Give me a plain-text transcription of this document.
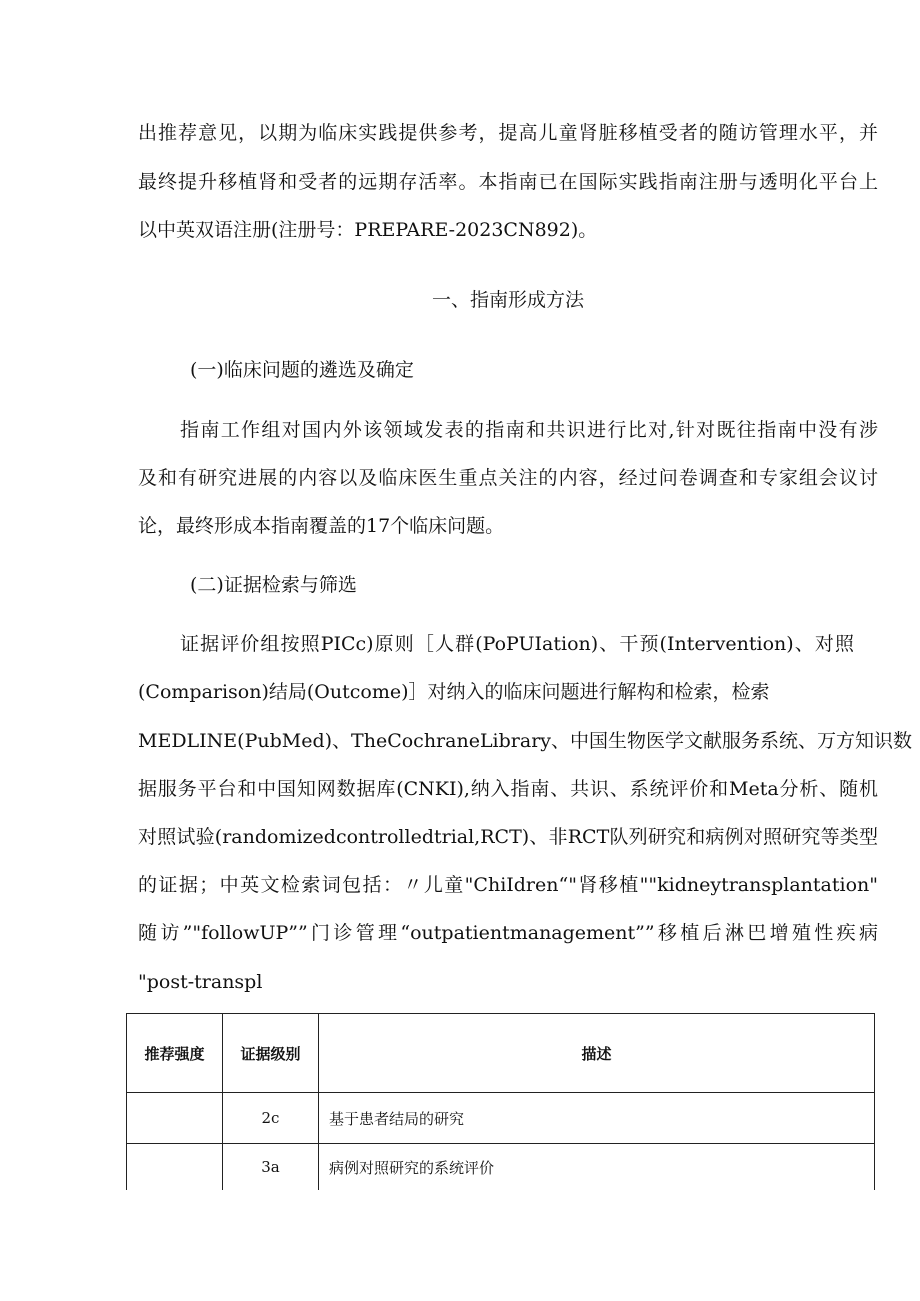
出推荐意见，以期为临床实践提供参考，提高儿童肾脏移植受者的随访管理水平，并
最终提升移植肾和受者的远期存活率。本指南已在国际实践指南注册与透明化平台上
以中英双语注册(注册号：PREPARE-2023CN892)。
一、指南形成方法
(一)临床问题的遴选及确定
指南工作组对国内外该领域发表的指南和共识进行比对,针对既往指南中没有涉
及和有研究进展的内容以及临床医生重点关注的内容，经过问卷调查和专家组会议讨
论，最终形成本指南覆盖的17个临床问题。
(二)证据检索与筛选
证据评价组按照PICc)原则［人群(PoPUIation)、干预(Intervention)、对照
(Comparison)结局(Outcome)］对纳入的临床问题进行解构和检索，检索
MEDLINE(PubMed)、TheCochraneLibrary、中国生物医学文献服务系统、万方知识数
据服务平台和中国知网数据库(CNKI),纳入指南、共识、系统评价和Meta分析、随机
对照试验(randomizedcontrolledtrial,RCT)、非RCT队列研究和病例对照研究等类型
的证据；中英文检索词包括：〃儿童"ChiIdren“"肾移植""kidneytransplantation"
随访”"followUP””门诊管理“outpatientmanagement””移植后淋巴增殖性疾病
"post-transpl
推荐强度	证据级别	描述
	2c	基于患者结局的研究
	3a	病例对照研究的系统评价
